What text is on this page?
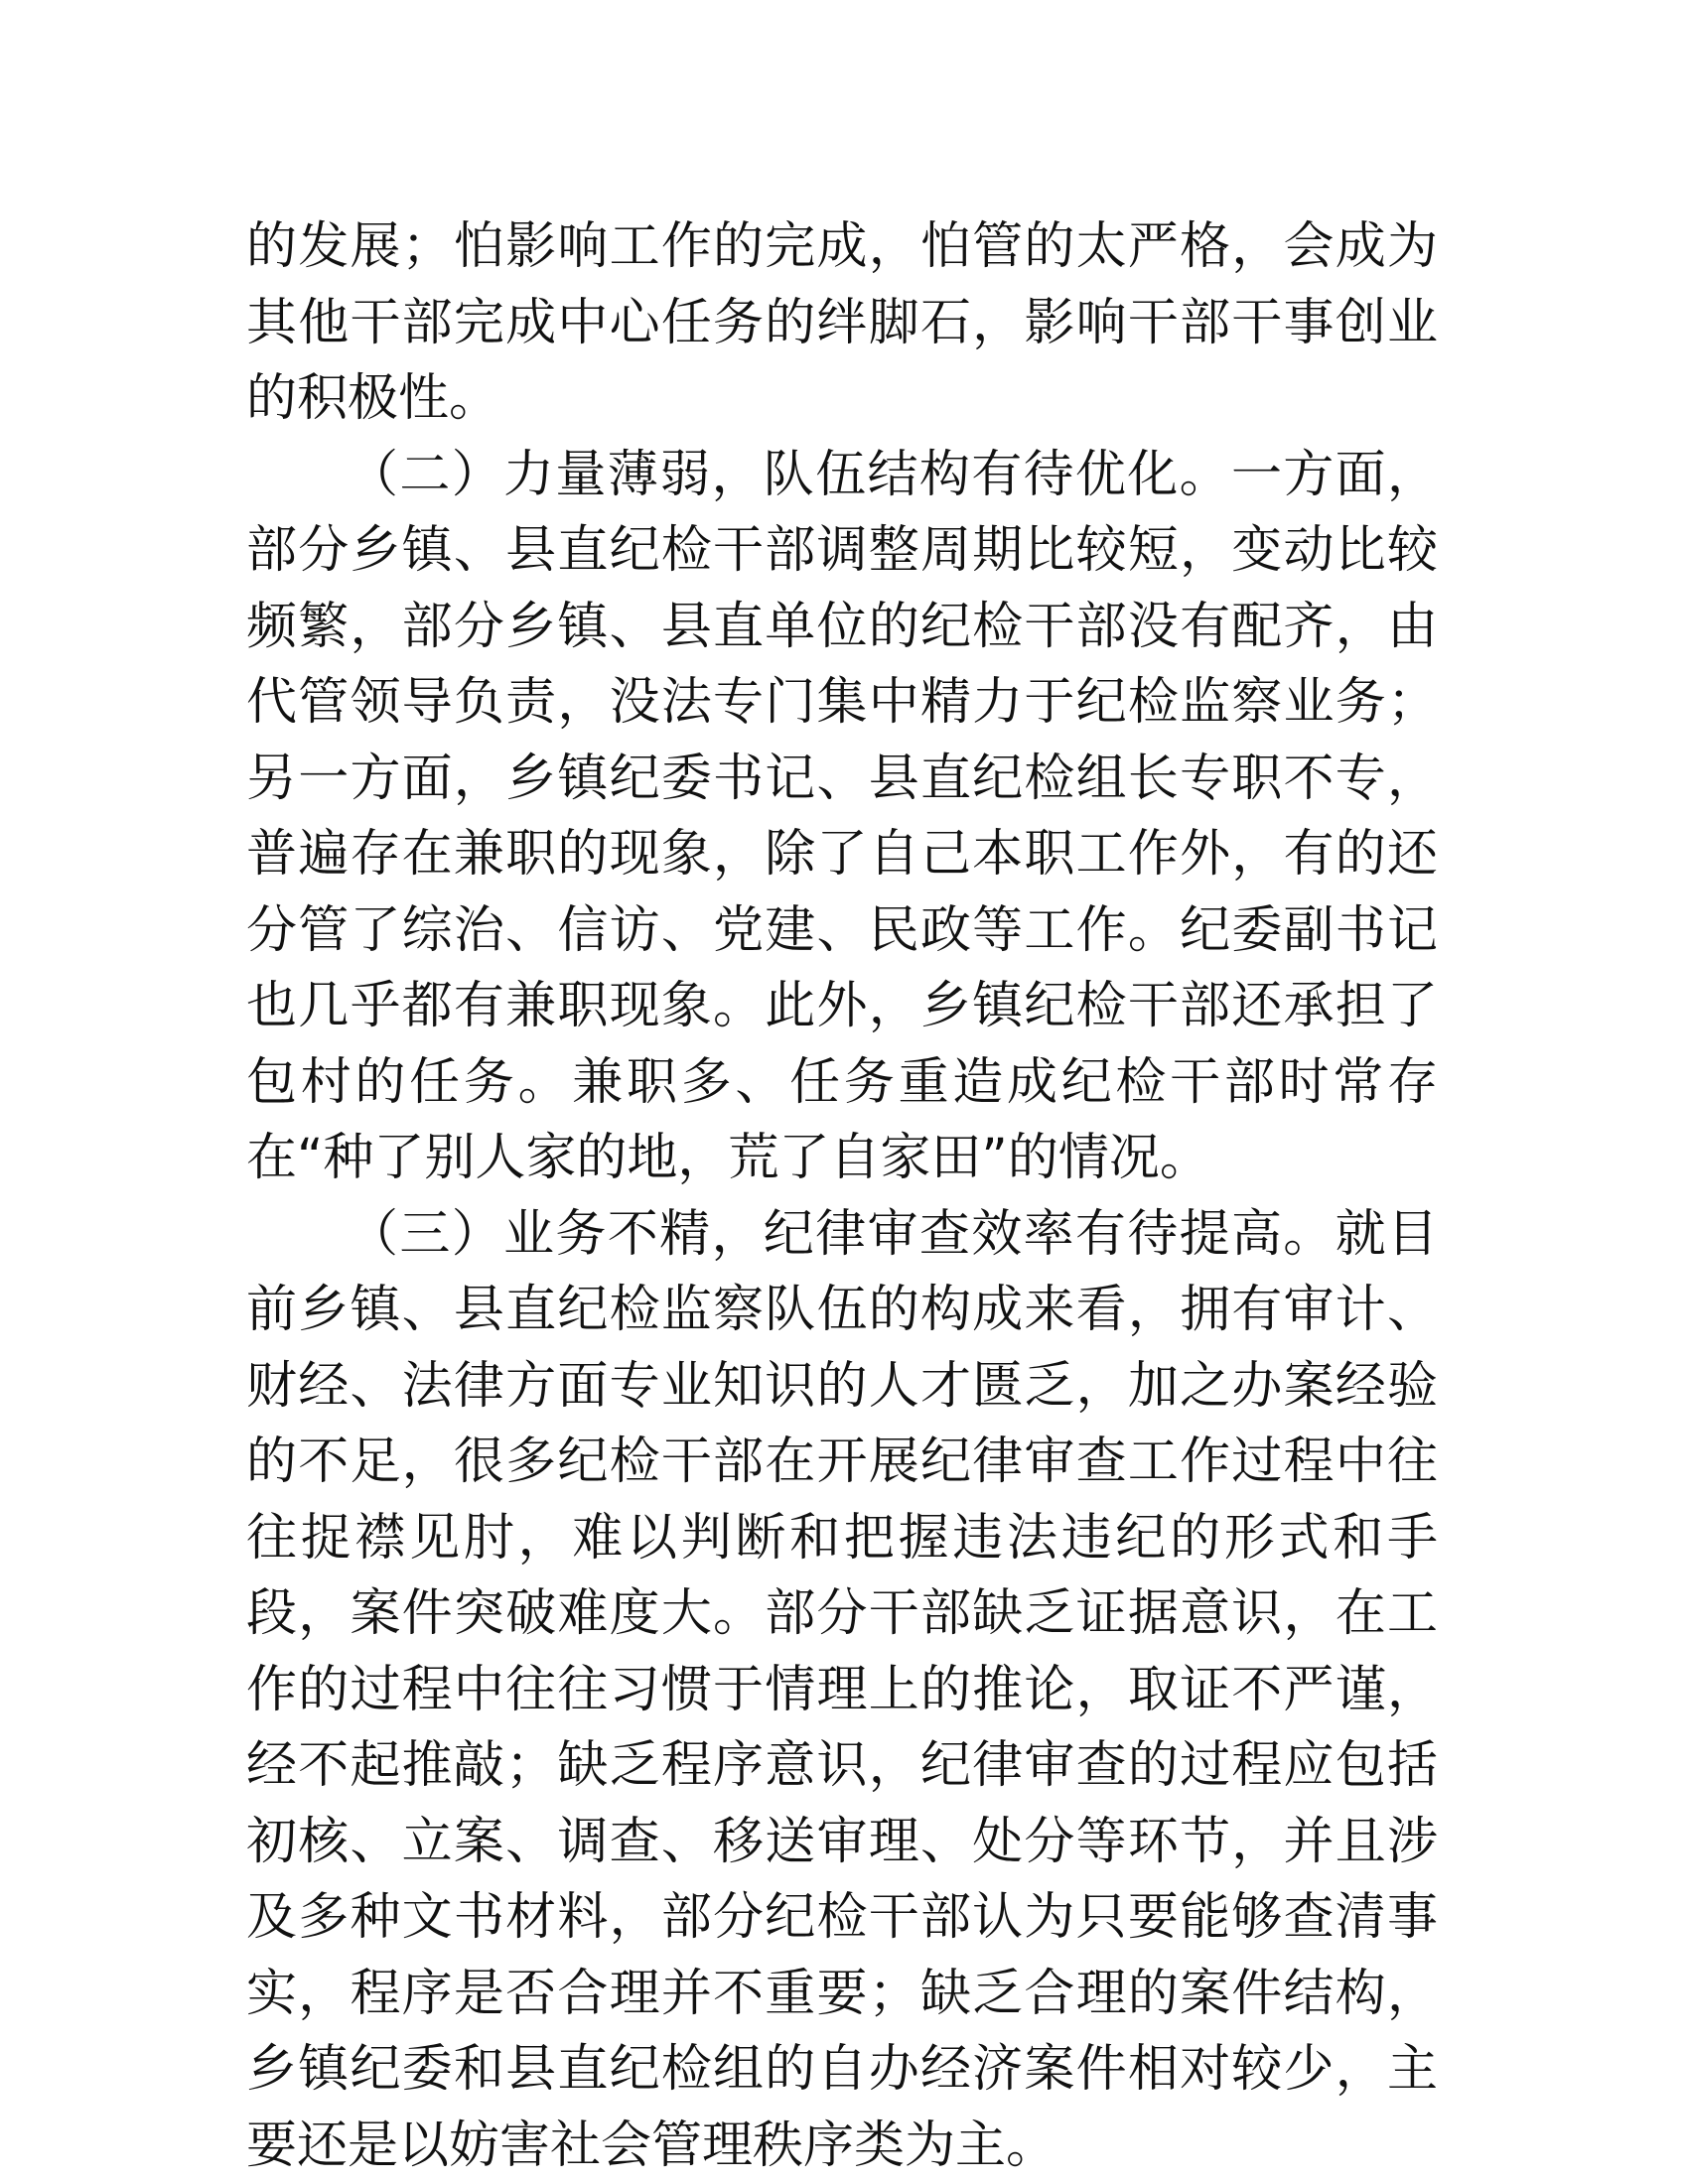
的发展；怕影响工作的完成，怕管的太严格，会成为其他干部完成中心任务的绊脚石，影响干部干事创业的积极性。

（二）力量薄弱，队伍结构有待优化。一方面，部分乡镇、县直纪检干部调整周期比较短，变动比较频繁，部分乡镇、县直单位的纪检干部没有配齐，由代管领导负责，没法专门集中精力于纪检监察业务；另一方面，乡镇纪委书记、县直纪检组长专职不专，普遍存在兼职的现象，除了自己本职工作外，有的还分管了综治、信访、党建、民政等工作。纪委副书记也几乎都有兼职现象。此外，乡镇纪检干部还承担了包村的任务。兼职多、任务重造成纪检干部时常存在“种了别人家的地，荒了自家田”的情况。

（三）业务不精，纪律审查效率有待提高。就目前乡镇、县直纪检监察队伍的构成来看，拥有审计、财经、法律方面专业知识的人才匮乏，加之办案经验的不足，很多纪检干部在开展纪律审查工作过程中往往捉襟见肘，难以判断和把握违法违纪的形式和手段，案件突破难度大。部分干部缺乏证据意识，在工作的过程中往往习惯于情理上的推论，取证不严谨，经不起推敲；缺乏程序意识，纪律审查的过程应包括初核、立案、调查、移送审理、处分等环节，并且涉及多种文书材料，部分纪检干部认为只要能够查清事实，程序是否合理并不重要；缺乏合理的案件结构，乡镇纪委和县直纪检组的自办经济案件相对较少，主要还是以妨害社会管理秩序类为主。
